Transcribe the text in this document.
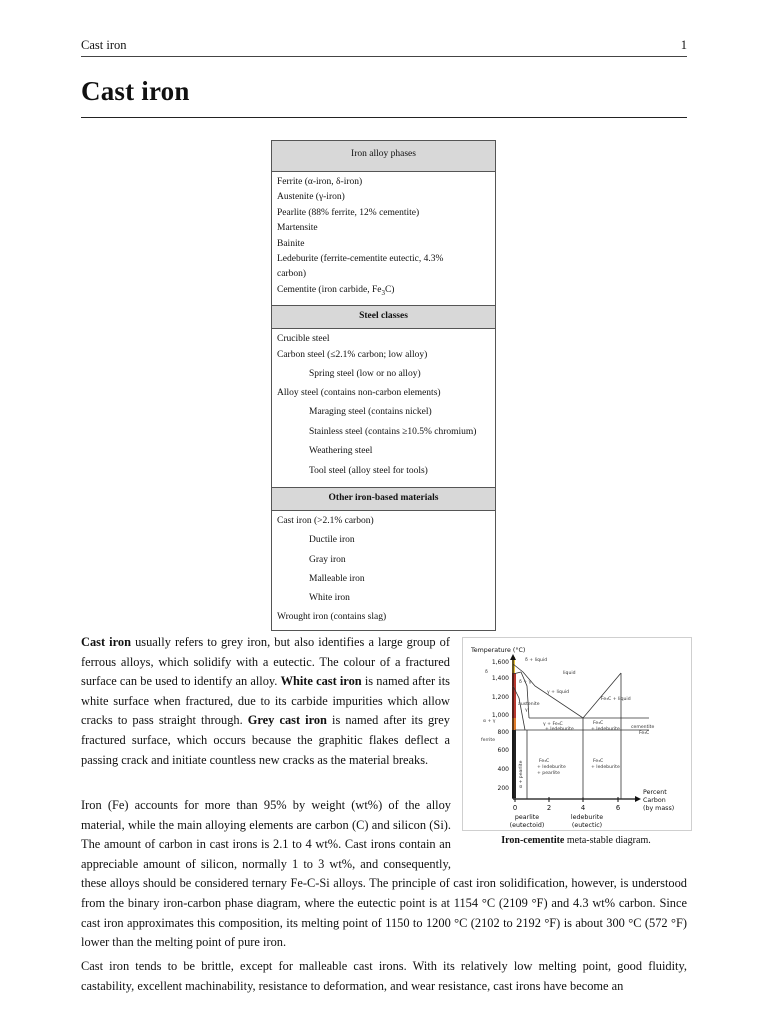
Cast iron	1
Cast iron
Iron alloy phases
Ferrite (α-iron, δ-iron)
Austenite (γ-iron)
Pearlite (88% ferrite, 12% cementite)
Martensite
Bainite
Ledeburite (ferrite-cementite eutectic, 4.3%
carbon)
Cementite (iron carbide, $Fe_3C$)
Steel classes
Crucible steel
Carbon steel (≤2.1% carbon; low alloy)
Spring steel (low or no alloy)
Alloy steel (contains non-carbon elements)
Maraging steel (contains nickel)
Stainless steel (contains ≥10.5% chromium)
Weathering steel
Tool steel (alloy steel for tools)
Other iron-based materials
Cast iron (>2.1% carbon)
Ductile iron
Gray iron
Malleable iron
White iron
Wrought iron (contains slag)

Cast iron usually refers to grey iron, but also identifies a large group of ferrous alloys, which solidify with a eutectic. The colour of a fractured surface can be used to identify an alloy. White cast iron is named after its white surface when fractured, due to its carbide impurities which allow cracks to pass straight through. Grey cast iron is named after its grey fractured surface, which occurs because the graphitic flakes deflect a passing crack and initiate countless new cracks as the material breaks.

Iron (Fe) accounts for more than 95% by weight (wt%) of the alloy material, while the main alloying elements are carbon (C) and silicon (Si). The amount of carbon in cast irons is 2.1 to 4 wt%. Cast irons contain an appreciable amount of silicon, normally 1 to 3 wt%, and consequently, these alloys should be considered ternary Fe-C-Si alloys. The principle of cast iron solidification, however, is understood from the binary iron-carbon phase diagram, where the eutectic point is at 1154 °C (2109 °F) and 4.3 wt% carbon. Since cast iron approximates this composition, its melting point of 1150 to 1200 °C (2102 to 2192 °F) is about 300 °C (572 °F) lower than the melting point of pure iron.

Cast iron tends to be brittle, except for malleable cast irons. With its relatively low melting point, good fluidity, castability, excellent machinability, resistance to deformation, and wear resistance, cast irons have become an

Temperature (°C)
1,600
1,400
1,200
1,000
800
600
400
200
0	2	4	6
Percent
Carbon
(by mass)
pearlite
(eutectoid)
ledeburite
(eutectic)
δ + liquid
δ	liquid
δ + γ
γ + liquid
austenite
γ
Fe₃C + liquid
α + γ
ferrite
γ + Fe₃C
+ ledeburite
Fe₃C
+ ledeburite cementite
Fe₃C
Fe₃C
+ ledeburite
+ pearlite
Fe₃C
+ ledeburite
α + pearlite
Iron-cementite meta-stable diagram.
